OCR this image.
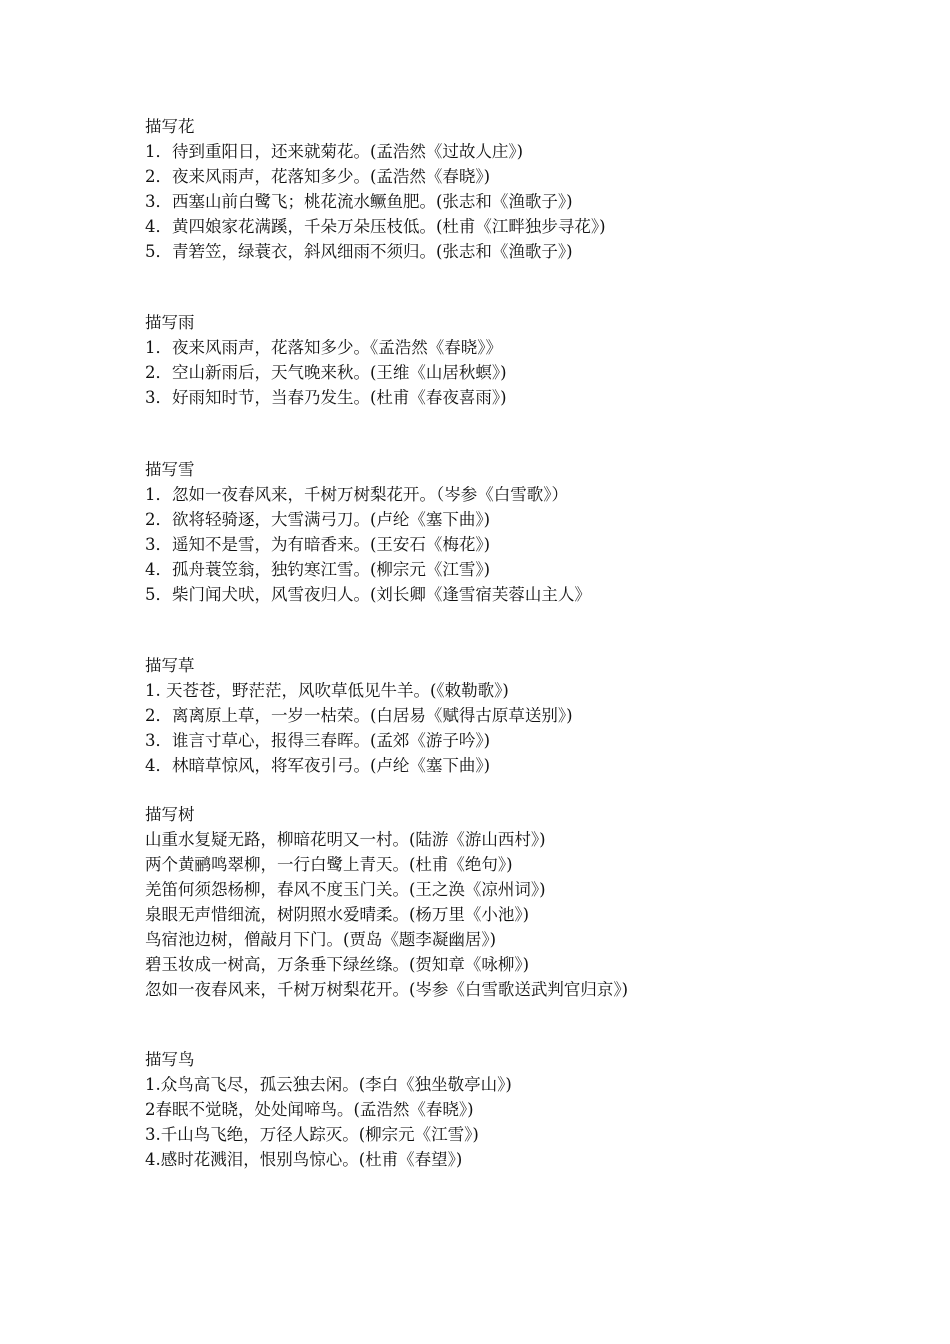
描写花
1．待到重阳日，还来就菊花。(孟浩然《过故人庄》)
2．夜来风雨声，花落知多少。(孟浩然《春晓》)
3．西塞山前白鹭飞；桃花流水鳜鱼肥。(张志和《渔歌子》)
4．黄四娘家花满蹊，千朵万朵压枝低。(杜甫《江畔独步寻花》)
5．青箬笠，绿蓑衣，斜风细雨不须归。(张志和《渔歌子》)
描写雨
1．夜来风雨声，花落知多少。《孟浩然《春晓》》
2．空山新雨后，天气晚来秋。(王维《山居秋螟》)
3．好雨知时节，当春乃发生。(杜甫《春夜喜雨》)
描写雪
1．忽如一夜春风来，千树万树梨花开。（岑参《白雪歌》）
2．欲将轻骑逐，大雪满弓刀。(卢纶《塞下曲》)
3．遥知不是雪，为有暗香来。(王安石《梅花》)
4．孤舟蓑笠翁，独钓寒江雪。(柳宗元《江雪》)
5．柴门闻犬吠，风雪夜归人。(刘长卿《逢雪宿芙蓉山主人》
描写草
1. 天苍苍，野茫茫，风吹草低见牛羊。(《敕勒歌》)
2．离离原上草，一岁一枯荣。(白居易《赋得古原草送别》)
3．谁言寸草心，报得三春晖。(孟郊《游子吟》)
4．林暗草惊风，将军夜引弓。(卢纶《塞下曲》)
描写树
山重水复疑无路，柳暗花明又一村。(陆游《游山西村》)
两个黄鹂鸣翠柳，一行白鹭上青天。(杜甫《绝句》)
羌笛何须怨杨柳，春风不度玉门关。(王之涣《凉州词》)
泉眼无声惜细流，树阴照水爱晴柔。(杨万里《小池》)
鸟宿池边树，僧敲月下门。(贾岛《题李凝幽居》)
碧玉妆成一树高，万条垂下绿丝绦。(贺知章《咏柳》)
忽如一夜春风来，千树万树梨花开。(岑参《白雪歌送武判官归京》)
描写鸟
1.众鸟高飞尽，孤云独去闲。(李白《独坐敬亭山》)
2春眠不觉晓，处处闻啼鸟。(孟浩然《春晓》)
3.千山鸟飞绝，万径人踪灭。(柳宗元《江雪》)
4.感时花溅泪，恨别鸟惊心。(杜甫《春望》)
